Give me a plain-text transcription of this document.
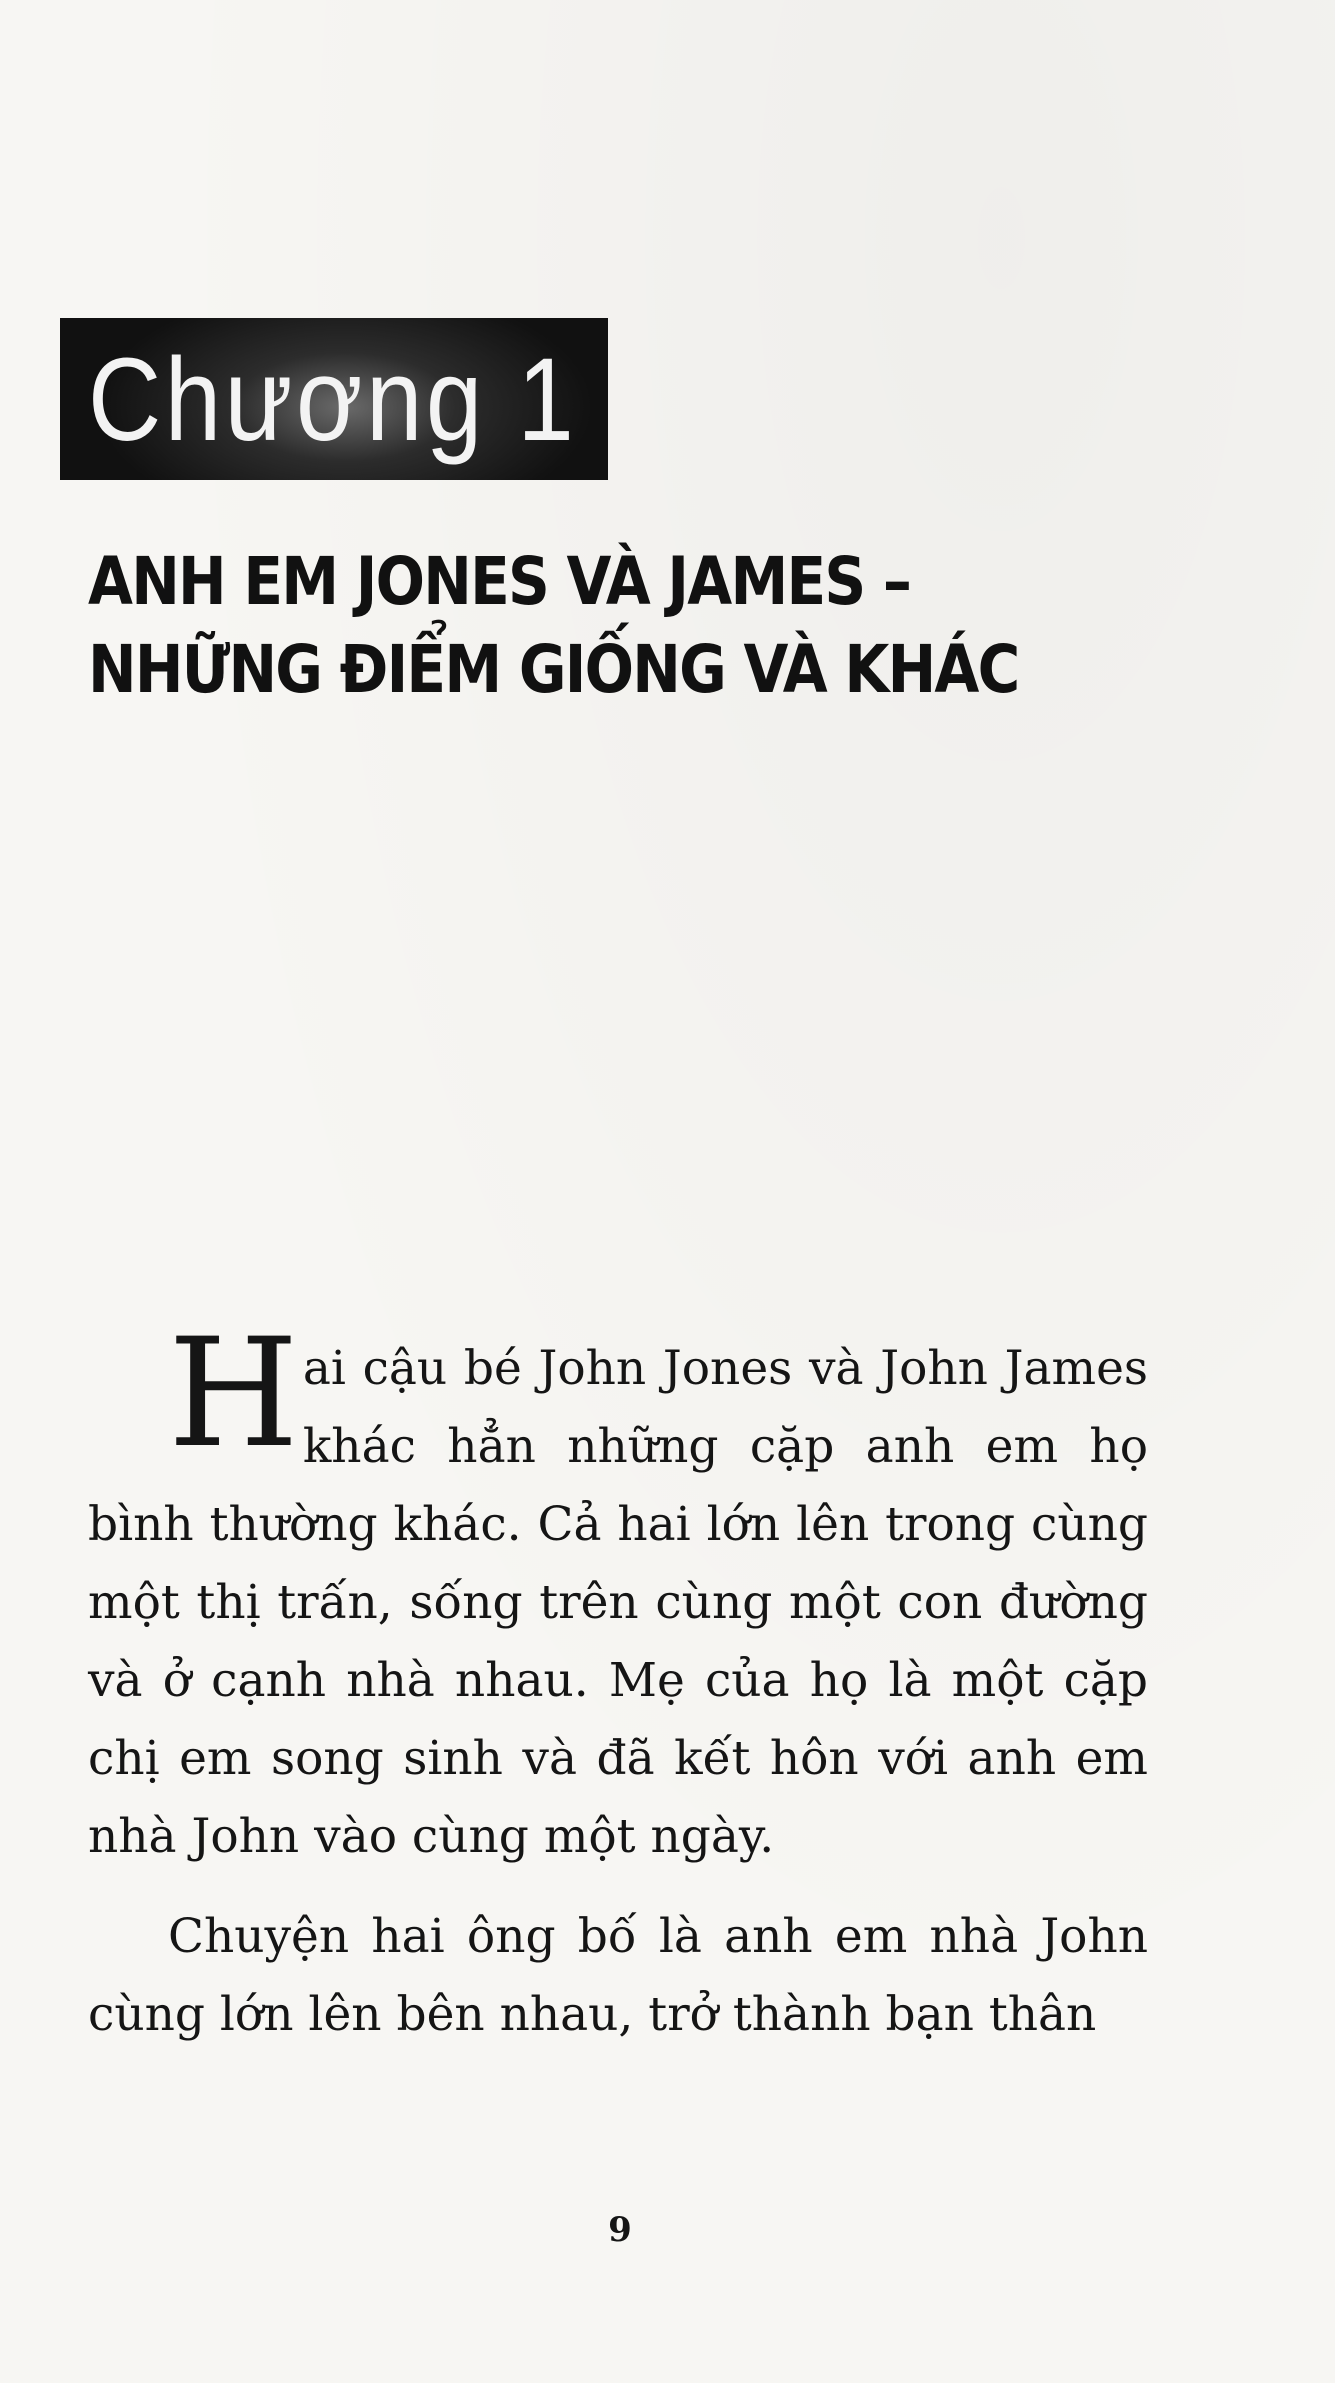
Chương 1
ANH EM JONES VÀ JAMES –
NHỮNG ĐIỂM GIỐNG VÀ KHÁC

Hai cậu bé John Jones và John James khác hẳn những cặp anh em họ bình thường khác. Cả hai lớn lên trong cùng một thị trấn, sống trên cùng một con đường và ở cạnh nhà nhau. Mẹ của họ là một cặp chị em song sinh và đã kết hôn với anh em nhà John vào cùng một ngày.

Chuyện hai ông bố là anh em nhà John cùng lớn lên bên nhau, trở thành bạn thân

9
